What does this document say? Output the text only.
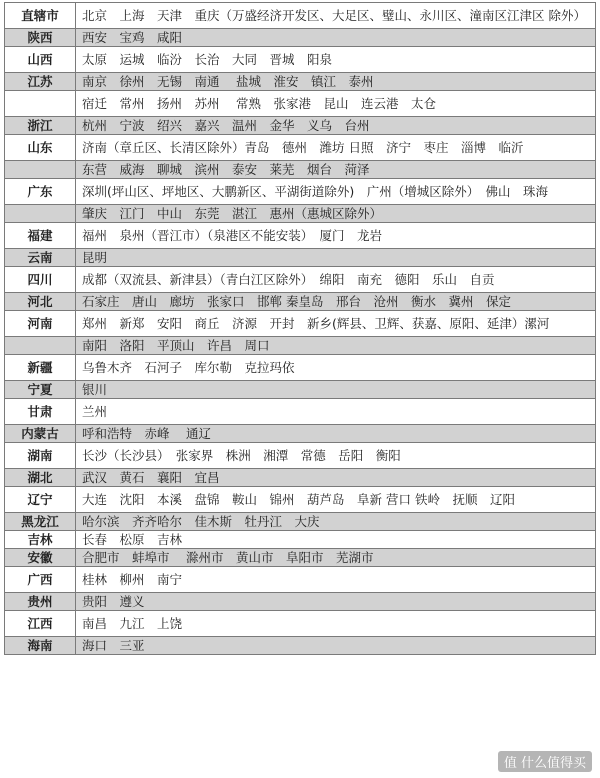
直辖市	北京　上海　天津　重庆（万盛经济开发区、大足区、璧山、永川区、潼南区江津区 除外）
陕西	西安　宝鸡　咸阳
山西	太原　运城　临汾　长治　大同　晋城　阳泉
江苏	南京　徐州　无锡　南通　 盐城　淮安　镇江　泰州
	宿迁　常州　扬州　苏州　 常熟　张家港　昆山　连云港　太仓
浙江	杭州　宁波　绍兴　嘉兴　温州　金华　义乌　台州
山东	济南（章丘区、长清区除外）青岛　德州　潍坊 日照　济宁　枣庄　淄博　临沂
	东营　威海　聊城　滨州　泰安　莱芜　烟台　菏泽
广东	深圳(坪山区、坪地区、大鹏新区、平湖街道除外)　广州（增城区除外）　佛山　珠海
	肇庆　江门　中山　东莞　湛江　惠州（惠城区除外）
福建	福州　泉州（晋江市）（泉港区不能安装）　厦门　龙岩
云南	昆明
四川	成都（双流县、新津县）（青白江区除外）　绵阳　南充　德阳　乐山　自贡
河北	石家庄　唐山　廊坊　张家口　邯郸 秦皇岛　邢台　沧州　衡水　冀州　保定
河南	郑州　新郑　安阳　商丘　济源　开封　新乡(辉县、卫辉、获嘉、原阳、延津）漯河
	南阳　洛阳　平顶山　许昌　周口
新疆	乌鲁木齐　石河子　库尔勒　克拉玛依
宁夏	银川
甘肃	兰州
内蒙古	呼和浩特　赤峰　 通辽
湖南	长沙（长沙县）　张家界　株洲　湘潭　常德　岳阳　衡阳
湖北	武汉　黄石　襄阳　宜昌
辽宁	大连　沈阳　本溪　盘锦　鞍山　锦州　葫芦岛　阜新 营口 铁岭　抚顺　辽阳
黑龙江	哈尔滨　齐齐哈尔　佳木斯　牡丹江　大庆
吉林	长春　松原　吉林
安徽	合肥市　蚌埠市　 滁州市　黄山市　阜阳市　芜湖市
广西	桂林　柳州　南宁
贵州	贵阳　遵义
江西	南昌　九江　上饶
海南	海口　三亚
值 什么值得买
